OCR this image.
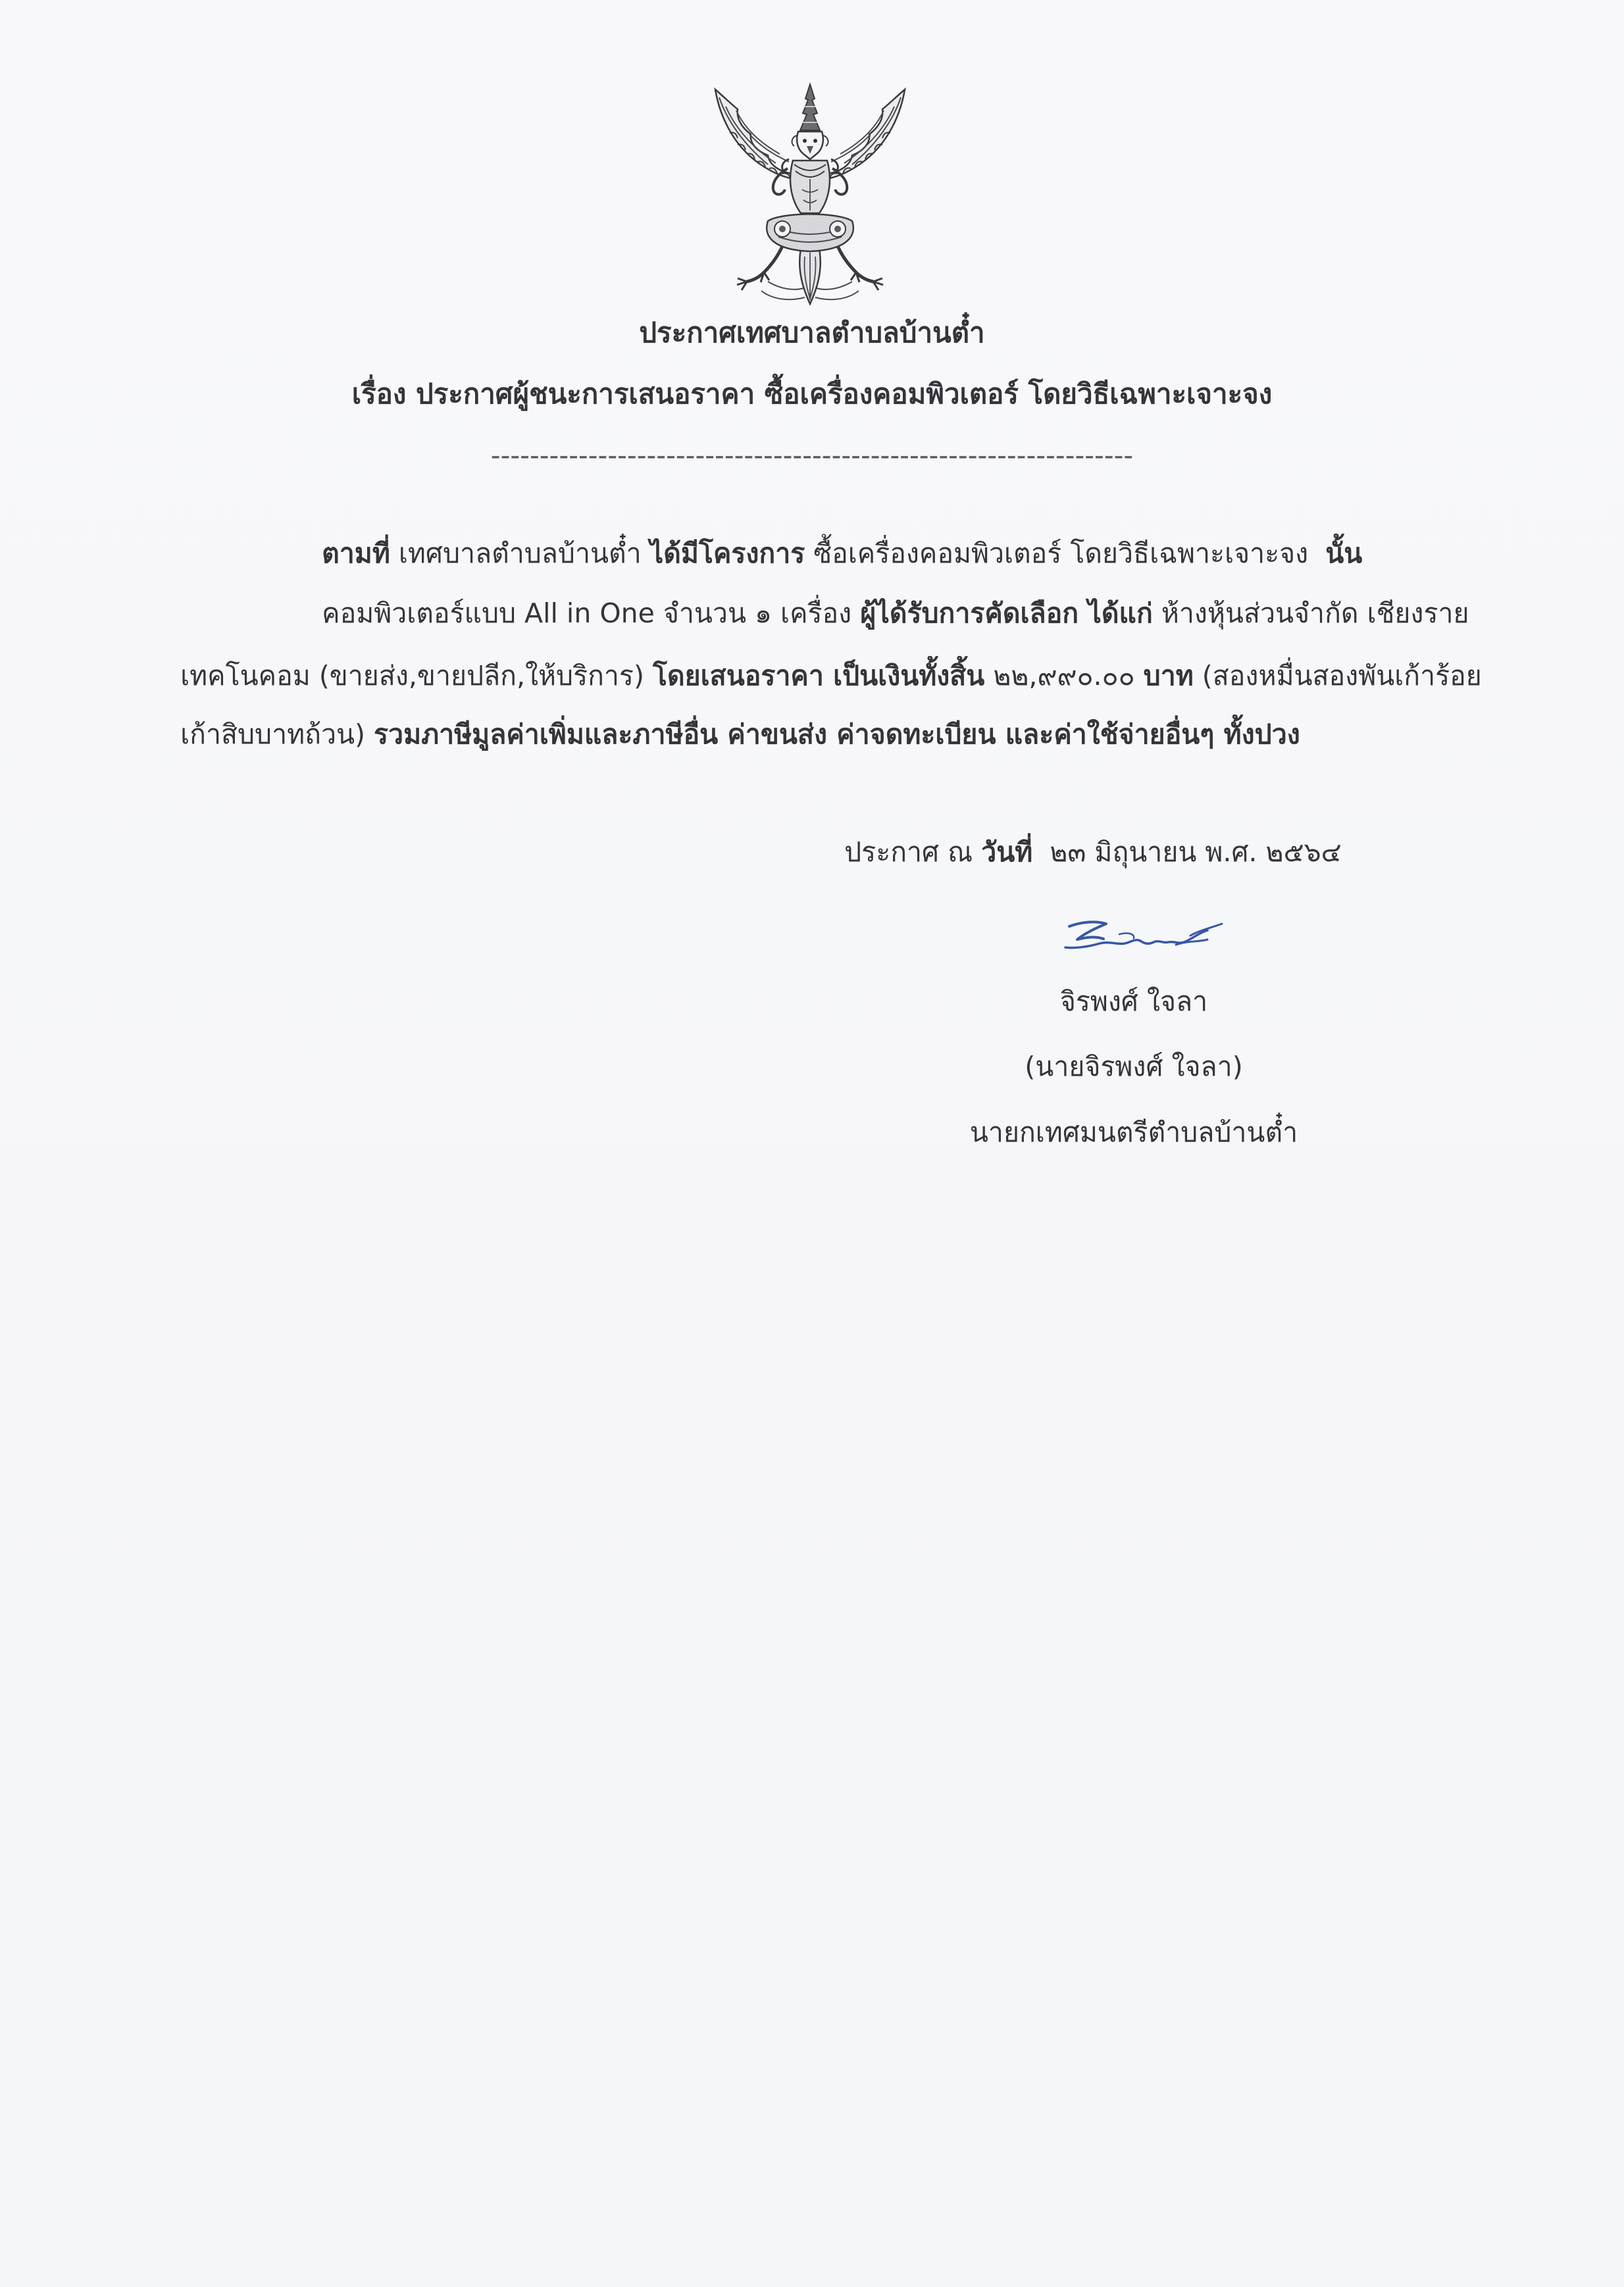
ประกาศเทศบาลตำบลบ้านต๋ำ
เรื่อง ประกาศผู้ชนะการเสนอราคา ซื้อเครื่องคอมพิวเตอร์ โดยวิธีเฉพาะเจาะจง
------------------------------------------------------------------

ตามที่ เทศบาลตำบลบ้านต๋ำ ได้มีโครงการ ซื้อเครื่องคอมพิวเตอร์ โดยวิธีเฉพาะเจาะจง  นั้น

คอมพิวเตอร์แบบ All in One จำนวน ๑ เครื่อง ผู้ได้รับการคัดเลือก ได้แก่ ห้างหุ้นส่วนจำกัด เชียงราย

เทคโนคอม (ขายส่ง,ขายปลีก,ให้บริการ) โดยเสนอราคา เป็นเงินทั้งสิ้น ๒๒,๙๙๐.๐๐ บาท (สองหมื่นสองพันเก้าร้อย

เก้าสิบบาทถ้วน) รวมภาษีมูลค่าเพิ่มและภาษีอื่น ค่าขนส่ง ค่าจดทะเบียน และค่าใช้จ่ายอื่นๆ ทั้งปวง

ประกาศ ณ วันที่  ๒๓ มิถุนายน พ.ศ. ๒๕๖๔

จิรพงศ์ ใจลา
(นายจิรพงศ์ ใจลา)
นายกเทศมนตรีตำบลบ้านต๋ำ
